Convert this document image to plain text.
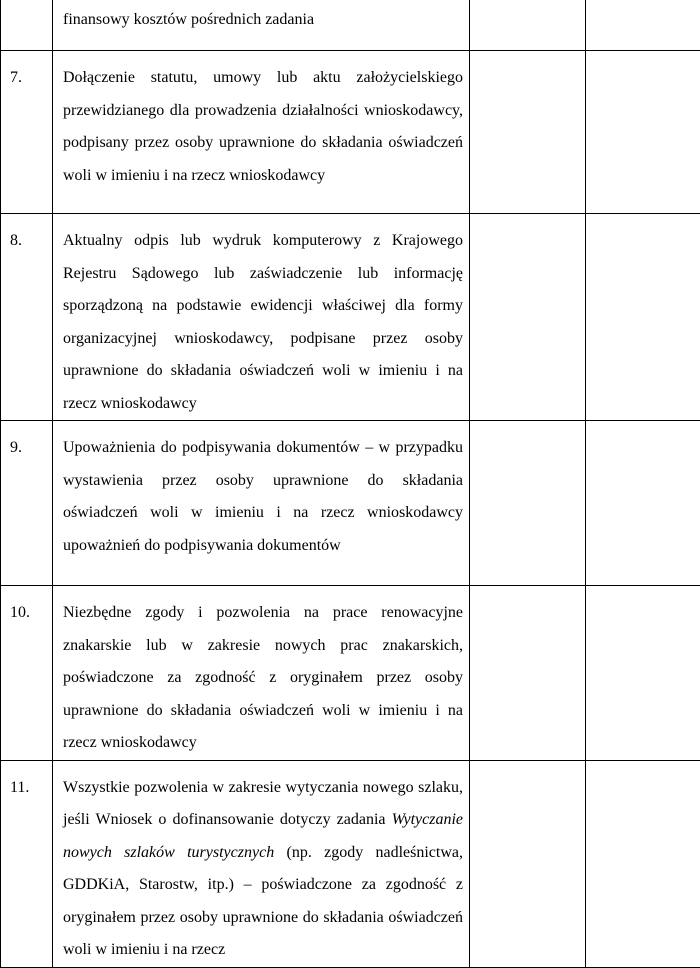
	finansowy kosztów pośrednich zadania		

7.	Dołączenie statutu, umowy lub aktu założycielskiego przewidzianego dla prowadzenia działalności wnioskodawcy, podpisany przez osoby uprawnione do składania oświadczeń woli w imieniu i na rzecz wnioskodawcy		

8.	Aktualny odpis lub wydruk komputerowy z Krajowego Rejestru Sądowego lub zaświadczenie lub informację sporządzoną na podstawie ewidencji właściwej dla formy organizacyjnej wnioskodawcy, podpisane przez osoby uprawnione do składania oświadczeń woli w imieniu i na rzecz wnioskodawcy		

9.	Upoważnienia do podpisywania dokumentów – w przypadku wystawienia przez osoby uprawnione do składania oświadczeń woli w imieniu i na rzecz wnioskodawcy upoważnień do podpisywania dokumentów		

10.	Niezbędne zgody i pozwolenia na prace renowacyjne znakarskie lub w zakresie nowych prac znakarskich, poświadczone za zgodność z oryginałem przez osoby uprawnione do składania oświadczeń woli w imieniu i na rzecz wnioskodawcy		

11.	Wszystkie pozwolenia w zakresie wytyczania nowego szlaku, jeśli Wniosek o dofinansowanie dotyczy zadania Wytyczanie nowych szlaków turystycznych (np. zgody nadleśnictwa, GDDKiA, Starostw, itp.) – poświadczone za zgodność z oryginałem przez osoby uprawnione do składania oświadczeń woli w imieniu i na rzecz		
